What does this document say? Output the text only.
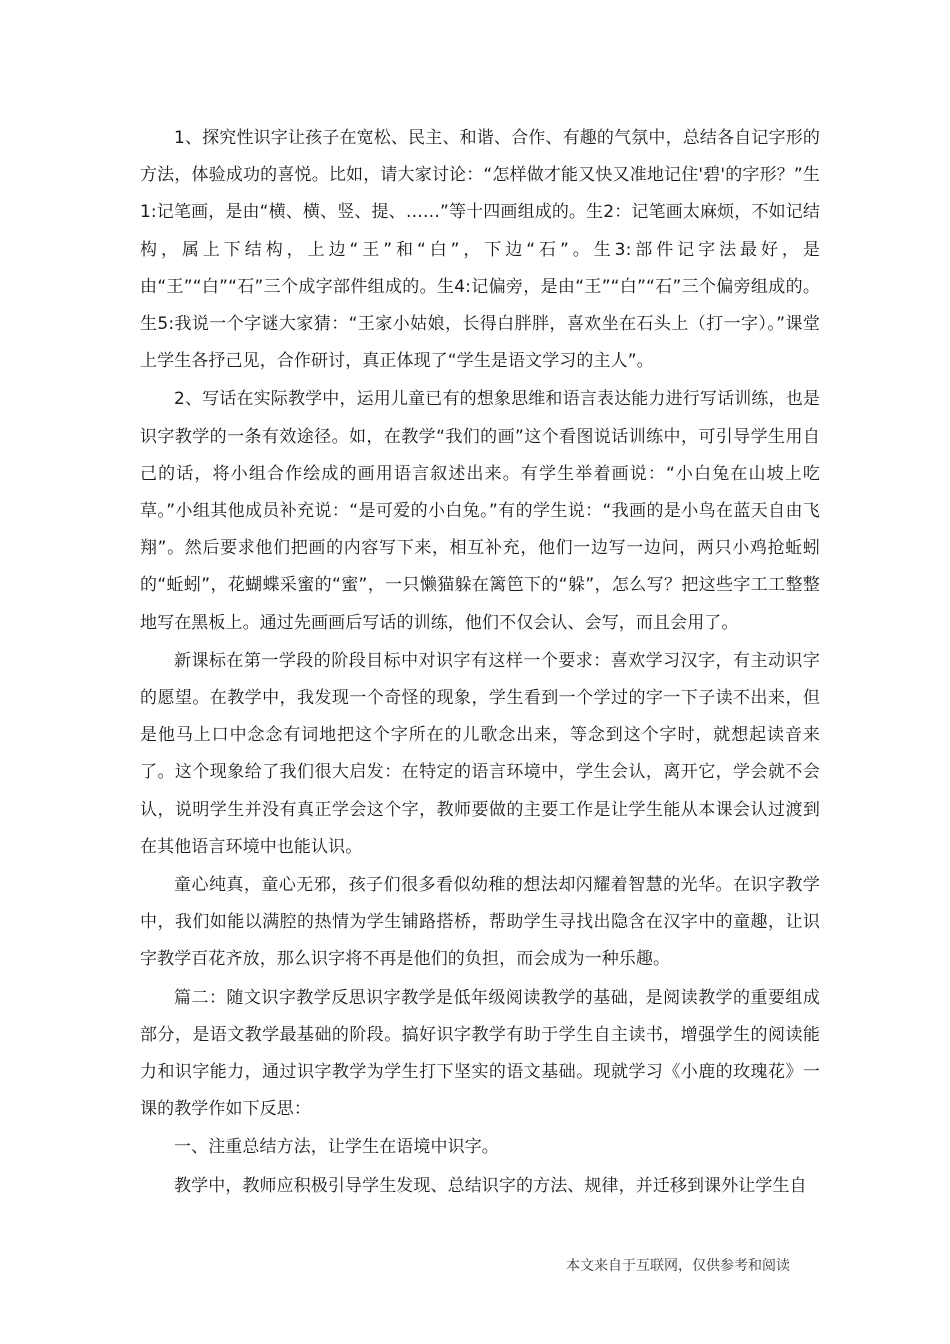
1、探究性识字让孩子在宽松、民主、和谐、合作、有趣的气氛中，总结各自记字形的方法，体验成功的喜悦。比如，请大家讨论：“怎样做才能又快又准地记住'碧'的字形？”生1:记笔画，是由“横、横、竖、提、……”等十四画组成的。生2：记笔画太麻烦，不如记结构，属上下结构，上边“王”和“白”，下边“石”。生3:部件记字法最好，是由“王”“白”“石”三个成字部件组成的。生4:记偏旁，是由“王”“白”“石”三个偏旁组成的。生5:我说一个字谜大家猜：“王家小姑娘，长得白胖胖，喜欢坐在石头上（打一字）。”课堂上学生各抒己见，合作研讨，真正体现了“学生是语文学习的主人”。

2、写话在实际教学中，运用儿童已有的想象思维和语言表达能力进行写话训练，也是识字教学的一条有效途径。如，在教学“我们的画”这个看图说话训练中，可引导学生用自己的话，将小组合作绘成的画用语言叙述出来。有学生举着画说：“小白兔在山坡上吃草。”小组其他成员补充说：“是可爱的小白兔。”有的学生说：“我画的是小鸟在蓝天自由飞翔”。然后要求他们把画的内容写下来，相互补充，他们一边写一边问，两只小鸡抢蚯蚓的“蚯蚓”，花蝴蝶采蜜的“蜜”，一只懒猫躲在篱笆下的“躲”，怎么写？把这些字工工整整地写在黑板上。通过先画画后写话的训练，他们不仅会认、会写，而且会用了。

新课标在第一学段的阶段目标中对识字有这样一个要求：喜欢学习汉字，有主动识字的愿望。在教学中，我发现一个奇怪的现象，学生看到一个学过的字一下子读不出来，但是他马上口中念念有词地把这个字所在的儿歌念出来，等念到这个字时，就想起读音来了。这个现象给了我们很大启发：在特定的语言环境中，学生会认，离开它，学会就不会认，说明学生并没有真正学会这个字，教师要做的主要工作是让学生能从本课会认过渡到在其他语言环境中也能认识。

童心纯真，童心无邪，孩子们很多看似幼稚的想法却闪耀着智慧的光华。在识字教学中，我们如能以满腔的热情为学生铺路搭桥，帮助学生寻找出隐含在汉字中的童趣，让识字教学百花齐放，那么识字将不再是他们的负担，而会成为一种乐趣。

篇二：随文识字教学反思识字教学是低年级阅读教学的基础，是阅读教学的重要组成部分，是语文教学最基础的阶段。搞好识字教学有助于学生自主读书，增强学生的阅读能力和识字能力，通过识字教学为学生打下坚实的语文基础。现就学习《小鹿的玫瑰花》一课的教学作如下反思：

一、注重总结方法，让学生在语境中识字。

教学中，教师应积极引导学生发现、总结识字的方法、规律，并迁移到课外让学生自

本文来自于互联网，仅供参考和阅读
